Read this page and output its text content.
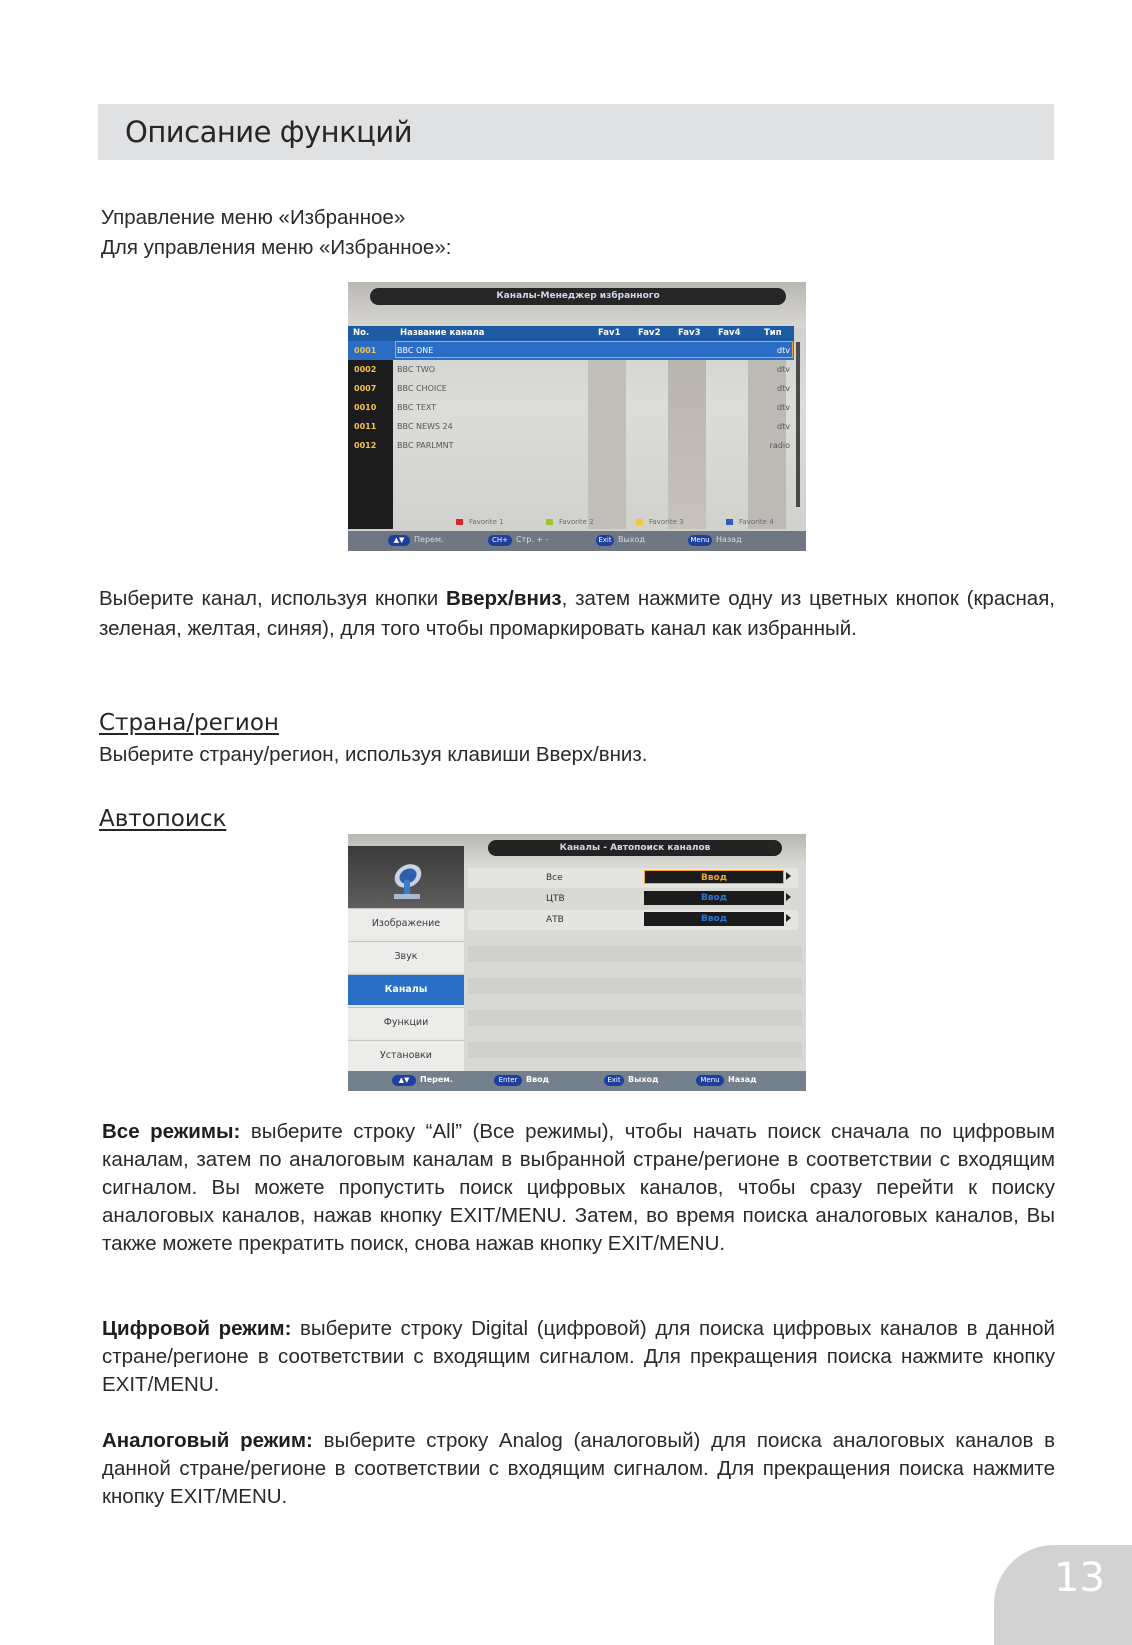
Описание функций
Управление меню «Избранное»
Для управления меню «Избранное»:
Каналы-Менеджер избранного
No.	Название канала	Fav1 Fav2 Fav3 Fav4	Тип
0001	BBC ONE	dtv
0002	BBC TWO	dtv
0007	BBC CHOICE	dtv
0010	BBC TEXT	dtv
0011	BBC NEWS 24	dtv
0012	BBC PARLMNT	radio
Favorite 1	Favorite 2	Favorite 3	Favorite 4
▲▼	Перем.	CH+ Стр. + -	Exit Выход	Menu Назад
Выберите канал, используя кнопки Вверх/вниз, затем нажмите одну из цветных кнопок (красная, зеленая, желтая, синяя), для того чтобы промаркировать канал как избранный.
Страна/регион
Выберите страну/регион, используя клавиши Вверх/вниз.
Автопоиск
Каналы - Автопоиск каналов
Изображение
Звук
Каналы
Функции
Установки
Все	Ввод
ЦТВ	Ввод
АТВ	Ввод
▲▼	Перем.	Enter	Ввод	Exit Выход	Menu	Назад
Все режимы: выберите строку “All” (Все режимы), чтобы начать поиск сначала по цифровым каналам, затем по аналоговым каналам в выбранной стране/регионе в соответствии с входящим сигналом. Вы можете пропустить поиск цифровых каналов, чтобы сразу перейти к поиску аналоговых каналов, нажав кнопку EXIT/MENU. Затем, во время поиска аналоговых каналов, Вы также можете прекратить поиск, снова нажав кнопку EXIT/MENU.
Цифровой режим: выберите строку Digital (цифровой) для поиска цифровых каналов в данной стране/регионе в соответствии с входящим сигналом. Для прекращения поиска нажмите кнопку EXIT/MENU.
Аналоговый режим: выберите строку Analog (аналоговый) для поиска аналоговых каналов в данной стране/регионе в соответствии с входящим сигналом. Для прекращения поиска нажмите кнопку EXIT/MENU.
13
